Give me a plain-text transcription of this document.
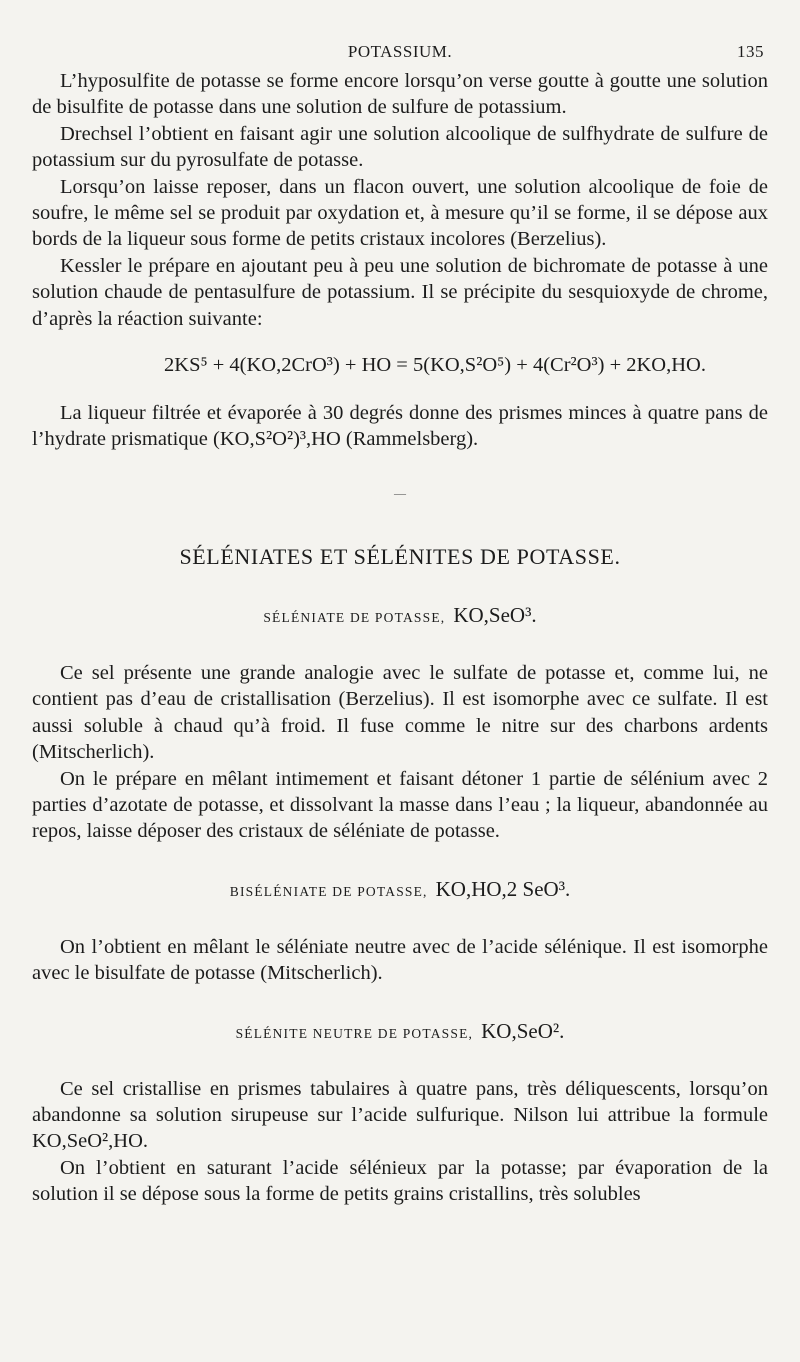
POTASSIUM.	135

L’hyposulfite de potasse se forme encore lorsqu’on verse goutte à goutte une solution de bisulfite de potasse dans une solution de sulfure de potassium.

Drechsel l’obtient en faisant agir une solution alcoolique de sulfhydrate de sulfure de potassium sur du pyrosulfate de potasse.

Lorsqu’on laisse reposer, dans un flacon ouvert, une solution alcoolique de foie de soufre, le même sel se produit par oxydation et, à mesure qu’il se forme, il se dépose aux bords de la liqueur sous forme de petits cristaux incolores (Berzelius).

Kessler le prépare en ajoutant peu à peu une solution de bichromate de potasse à une solution chaude de pentasulfure de potassium. Il se précipite du sesquioxyde de chrome, d’après la réaction suivante:

2KS⁵ + 4(KO,2CrO³) + HO = 5(KO,S²O⁵) + 4(Cr²O³) + 2KO,HO.

La liqueur filtrée et évaporée à 30 degrés donne des prismes minces à quatre pans de l’hydrate prismatique (KO,S²O²)³,HO (Rammelsberg).

—
SÉLÉNIATES ET SÉLÉNITES DE POTASSE.
SÉLÉNIATE DE POTASSE, KO,SeO³.

Ce sel présente une grande analogie avec le sulfate de potasse et, comme lui, ne contient pas d’eau de cristallisation (Berzelius). Il est isomorphe avec ce sulfate. Il est aussi soluble à chaud qu’à froid. Il fuse comme le nitre sur des charbons ardents (Mitscherlich).

On le prépare en mêlant intimement et faisant détoner 1 partie de sélénium avec 2 parties d’azotate de potasse, et dissolvant la masse dans l’eau ; la liqueur, abandonnée au repos, laisse déposer des cristaux de séléniate de potasse.

BISÉLÉNIATE DE POTASSE, KO,HO,2 SeO³.

On l’obtient en mêlant le séléniate neutre avec de l’acide sélénique. Il est isomorphe avec le bisulfate de potasse (Mitscherlich).

SÉLÉNITE NEUTRE DE POTASSE, KO,SeO².

Ce sel cristallise en prismes tabulaires à quatre pans, très déliquescents, lorsqu’on abandonne sa solution sirupeuse sur l’acide sulfurique. Nilson lui attribue la formule KO,SeO²,HO.

On l’obtient en saturant l’acide sélénieux par la potasse; par évaporation de la solution il se dépose sous la forme de petits grains cristallins, très solubles
